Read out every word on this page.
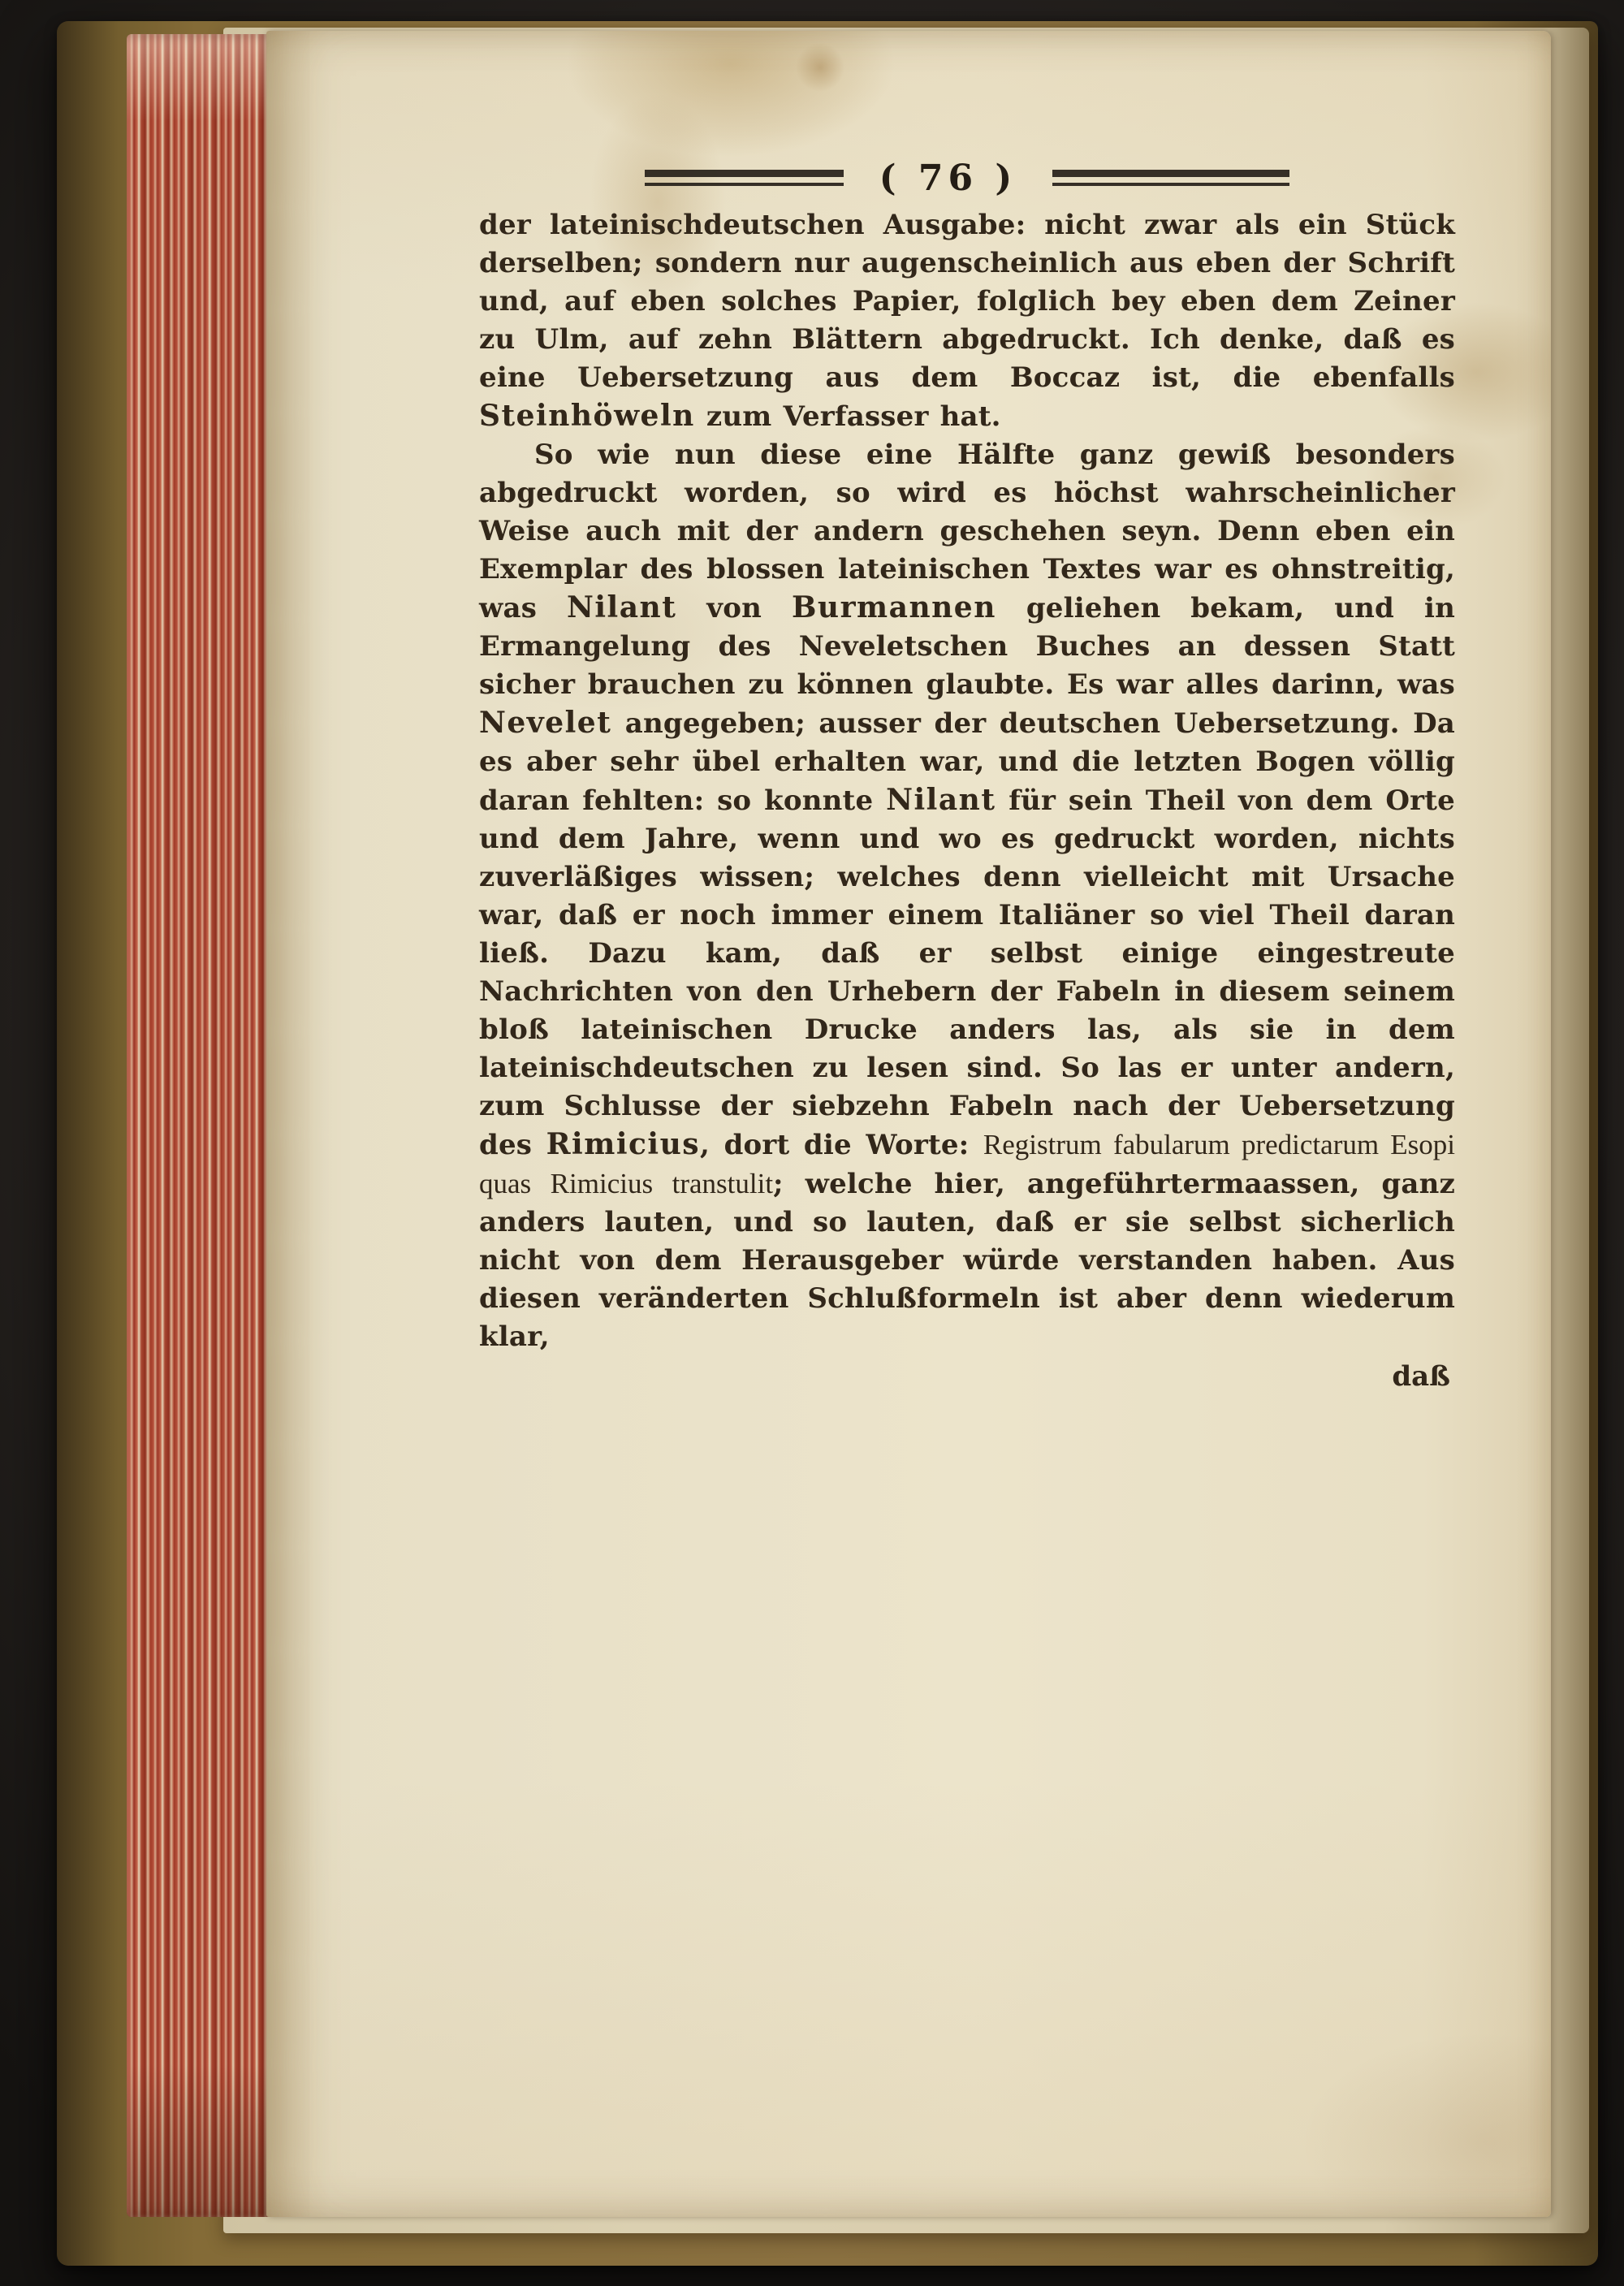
( 76 )

der lateinischdeutschen Ausgabe: nicht zwar als ein Stück derselben; sondern nur augenscheinlich aus eben der Schrift und, auf eben solches Papier, folglich bey eben dem Zeiner zu Ulm, auf zehn Blättern abgedruckt. Ich denke, daß es eine Uebersetzung aus dem Boccaz ist, die ebenfalls Steinhöweln zum Verfasser hat.

So wie nun diese eine Hälfte ganz gewiß besonders abgedruckt worden, so wird es höchst wahrscheinlicher Weise auch mit der andern geschehen seyn. Denn eben ein Exemplar des blossen lateinischen Textes war es ohnstreitig, was Nilant von Burmannen geliehen bekam, und in Ermangelung des Neveletschen Buches an dessen Statt sicher brauchen zu können glaubte. Es war alles darinn, was Nevelet angegeben; ausser der deutschen Uebersetzung. Da es aber sehr übel erhalten war, und die letzten Bogen völlig daran fehlten: so konnte Nilant für sein Theil von dem Orte und dem Jahre, wenn und wo es gedruckt worden, nichts zuverläßiges wissen; welches denn vielleicht mit Ursache war, daß er noch immer einem Italiäner so viel Theil daran ließ. Dazu kam, daß er selbst einige eingestreute Nachrichten von den Urhebern der Fabeln in diesem seinem bloß lateinischen Drucke anders las, als sie in dem lateinischdeutschen zu lesen sind. So las er unter andern, zum Schlusse der siebzehn Fabeln nach der Uebersetzung des Rimicius, dort die Worte: Registrum fabularum predictarum Esopi quas Rimicius transtulit; welche hier, angeführtermaassen, ganz anders lauten, und so lauten, daß er sie selbst sicherlich nicht von dem Herausgeber würde verstanden haben. Aus diesen veränderten Schlußformeln ist aber denn wiederum klar,

daß
